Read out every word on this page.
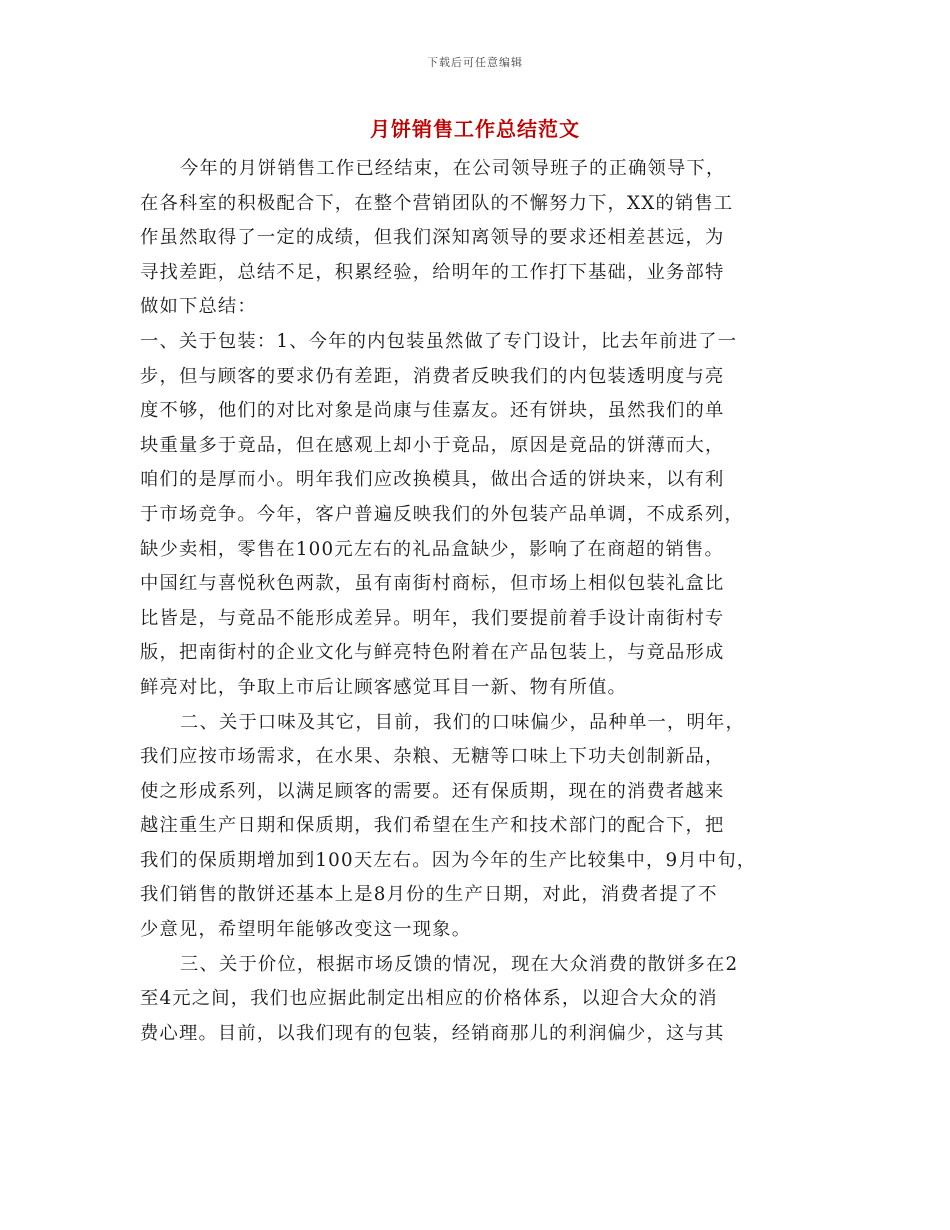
下载后可任意编辑
月饼销售工作总结范文
今年的月饼销售工作已经结束，在公司领导班子的正确领导下，
在各科室的积极配合下，在整个营销团队的不懈努力下，XX的销售工
作虽然取得了一定的成绩，但我们深知离领导的要求还相差甚远，为
寻找差距，总结不足，积累经验，给明年的工作打下基础，业务部特
做如下总结：
一、关于包装：1、今年的内包装虽然做了专门设计，比去年前进了一
步，但与顾客的要求仍有差距，消费者反映我们的内包装透明度与亮
度不够，他们的对比对象是尚康与佳嘉友。还有饼块，虽然我们的单
块重量多于竟品，但在感观上却小于竟品，原因是竟品的饼薄而大，
咱们的是厚而小。明年我们应改换模具，做出合适的饼块来，以有利
于市场竞争。今年，客户普遍反映我们的外包装产品单调，不成系列，
缺少卖相，零售在100元左右的礼品盒缺少，影响了在商超的销售。
中国红与喜悦秋色两款，虽有南街村商标，但市场上相似包装礼盒比
比皆是，与竟品不能形成差异。明年，我们要提前着手设计南街村专
版，把南街村的企业文化与鲜亮特色附着在产品包装上，与竟品形成
鲜亮对比，争取上市后让顾客感觉耳目一新、物有所值。
二、关于口味及其它，目前，我们的口味偏少，品种单一，明年，
我们应按市场需求，在水果、杂粮、无糖等口味上下功夫创制新品，
使之形成系列，以满足顾客的需要。还有保质期，现在的消费者越来
越注重生产日期和保质期，我们希望在生产和技术部门的配合下，把
我们的保质期增加到100天左右。因为今年的生产比较集中，9月中旬，
我们销售的散饼还基本上是8月份的生产日期，对此，消费者提了不
少意见，希望明年能够改变这一现象。
三、关于价位，根据市场反馈的情况，现在大众消费的散饼多在2
至4元之间，我们也应据此制定出相应的价格体系，以迎合大众的消
费心理。目前，以我们现有的包装，经销商那儿的利润偏少，这与其
